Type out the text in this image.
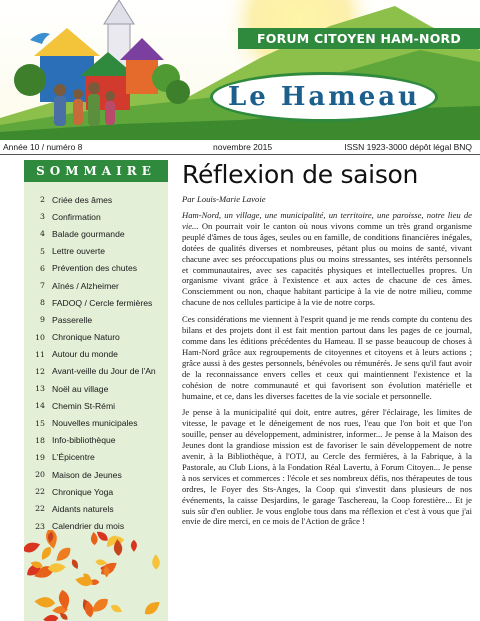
FORUM CITOYEN HAM-NORD
Le Hameau
Année 10 / numéro 8	novembre 2015	ISSN 1923-3000 dépôt légal BNQ
SOMMAIRE
2 Criée des âmes
3 Confirmation
4 Balade gourmande
5 Lettre ouverte
6 Prévention des chutes
7 Aînés / Alzheimer
8 FADOQ / Cercle fermières
9 Passerelle
10 Chronique Naturo
11 Autour du monde
12 Avant-veille du Jour de l'An
13 Noël au village
14 Chemin St-Rémi
15 Nouvelles municipales
18 Info-bibliothèque
19 L'Épicentre
20 Maison de Jeunes
22 Chronique Yoga
22 Aidants naturels
23 Calendrier du mois
Réflexion de saison

Par Louis-Marie Lavoie

Ham-Nord, un village, une municipalité, un territoire, une paroisse, notre lieu de vie... On pourrait voir le canton où nous vivons comme un très grand organisme peuplé d'âmes de tous âges, seules ou en famille, de conditions financières inégales, dotées de qualités diverses et nombreuses, pétant plus ou moins de santé, vivant chacune avec ses préoccupations plus ou moins stressantes, ses intérêts personnels et communautaires, avec ses capacités physiques et intellectuelles propres. Un organisme vivant grâce à l'existence et aux actes de chacune de ces âmes. Consciemment ou non, chaque habitant participe à la vie de notre milieu, comme chacune de nos cellules participe à la vie de notre corps.

Ces considérations me viennent à l'esprit quand je me rends compte du contenu des bilans et des projets dont il est fait mention partout dans les pages de ce journal, comme dans les éditions précédentes du Hameau. Il se passe beaucoup de choses à Ham-Nord grâce aux regroupements de citoyennes et citoyens et à leurs actions ; grâce aussi à des gestes personnels, bénévoles ou rémunérés. Je sens qu'il faut avoir de la reconnaissance envers celles et ceux qui maintiennent l'existence et la cohésion de notre communauté et qui favorisent son évolution matérielle et humaine, et ce, dans les diverses facettes de la vie sociale et personnelle.

Je pense à la municipalité qui doit, entre autres, gérer l'éclairage, les limites de vitesse, le pavage et le déneigement de nos rues, l'eau que l'on boit et que l'on souille, penser au développement, administrer, informer... Je pense à la Maison des Jeunes dont la grandiose mission est de favoriser le sain développement de notre avenir, à la Bibliothèque, à l'OTJ, au Cercle des fermières, à la Fabrique, à la Pastorale, au Club Lions, à la Fondation Réal Lavertu, à Forum Citoyen... Je pense à nos services et commerces : l'école et ses nombreux défis, nos thérapeutes de tous ordres, le Foyer des Sts-Anges, la Coop qui s'investit dans plusieurs de nos événements, la caisse Desjardins, le garage Taschereau, la Coop forestière... Et je suis sûr d'en oublier. Je vous englobe tous dans ma réflexion et c'est à vous que j'ai envie de dire merci, en ce mois de l'Action de grâce !
